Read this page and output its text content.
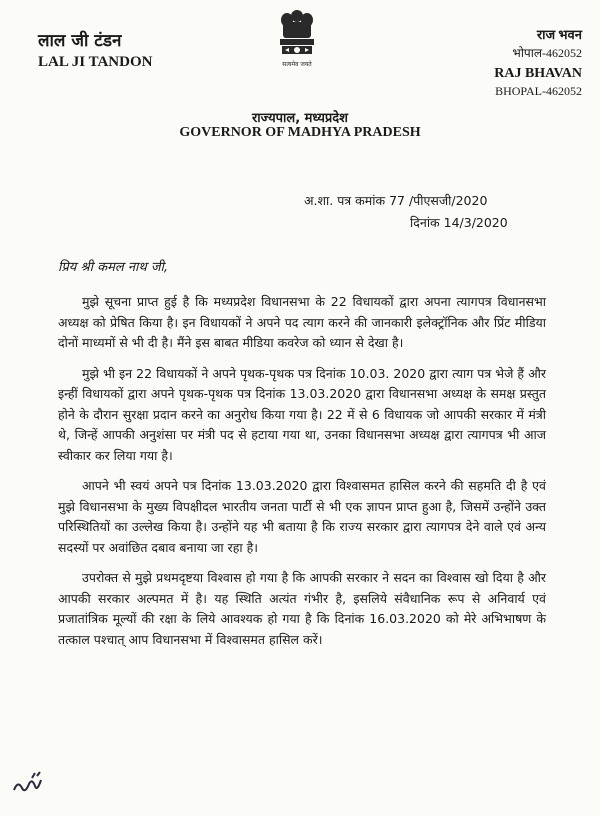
लाल जी टंडन
LAL JI TANDON	सत्यमेव जयते
राज भवन
भोपाल-462052
RAJ BHAVAN
BHOPAL-462052
राज्यपाल, मध्यप्रदेश
GOVERNOR OF MADHYA PRADESH
अ.शा. पत्र कमांक 77 /पीएसजी/2020
दिनांक 14/3/2020
प्रिय श्री कमल नाथ जी,

मुझे सूचना प्राप्त हुई है कि मध्यप्रदेश विधानसभा के 22 विधायकों द्वारा अपना त्यागपत्र विधानसभा अध्यक्ष को प्रेषित किया है। इन विधायकों ने अपने पद त्याग करने की जानकारी इलेक्ट्रॉनिक और प्रिंट मीडिया दोनों माध्यमों से भी दी है। मैंने इस बाबत मीडिया कवरेज को ध्यान से देखा है।

मुझे भी इन 22 विधायकों ने अपने पृथक-पृथक पत्र दिनांक 10.03. 2020 द्वारा त्याग पत्र भेजे हैं और इन्हीं विधायकों द्वारा अपने पृथक-पृथक पत्र दिनांक 13.03.2020 द्वारा विधानसभा अध्यक्ष के समक्ष प्रस्तुत होने के दौरान सुरक्षा प्रदान करने का अनुरोध किया गया है। 22 में से 6 विधायक जो आपकी सरकार में मंत्री थे, जिन्हें आपकी अनुशंसा पर मंत्री पद से हटाया गया था, उनका विधानसभा अध्यक्ष द्वारा त्यागपत्र भी आज स्वीकार कर लिया गया है।

आपने भी स्वयं अपने पत्र दिनांक 13.03.2020 द्वारा विश्वासमत हासिल करने की सहमति दी है एवं मुझे विधानसभा के मुख्य विपक्षीदल भारतीय जनता पार्टी से भी एक ज्ञापन प्राप्त हुआ है, जिसमें उन्होंने उक्त परिस्थितियों का उल्लेख किया है। उन्होंने यह भी बताया है कि राज्य सरकार द्वारा त्यागपत्र देने वाले एवं अन्य सदस्यों पर अवांछित दबाव बनाया जा रहा है।

उपरोक्त से मुझे प्रथमदृष्टया विश्वास हो गया है कि आपकी सरकार ने सदन का विश्वास खो दिया है और आपकी सरकार अल्पमत में है। यह स्थिति अत्यंत गंभीर है, इसलिये संवैधानिक रूप से अनिवार्य एवं प्रजातांत्रिक मूल्यों की रक्षा के लिये आवश्यक हो गया है कि दिनांक 16.03.2020 को मेरे अभिभाषण के तत्काल पश्चात् आप विधानसभा में विश्वासमत हासिल करें।
